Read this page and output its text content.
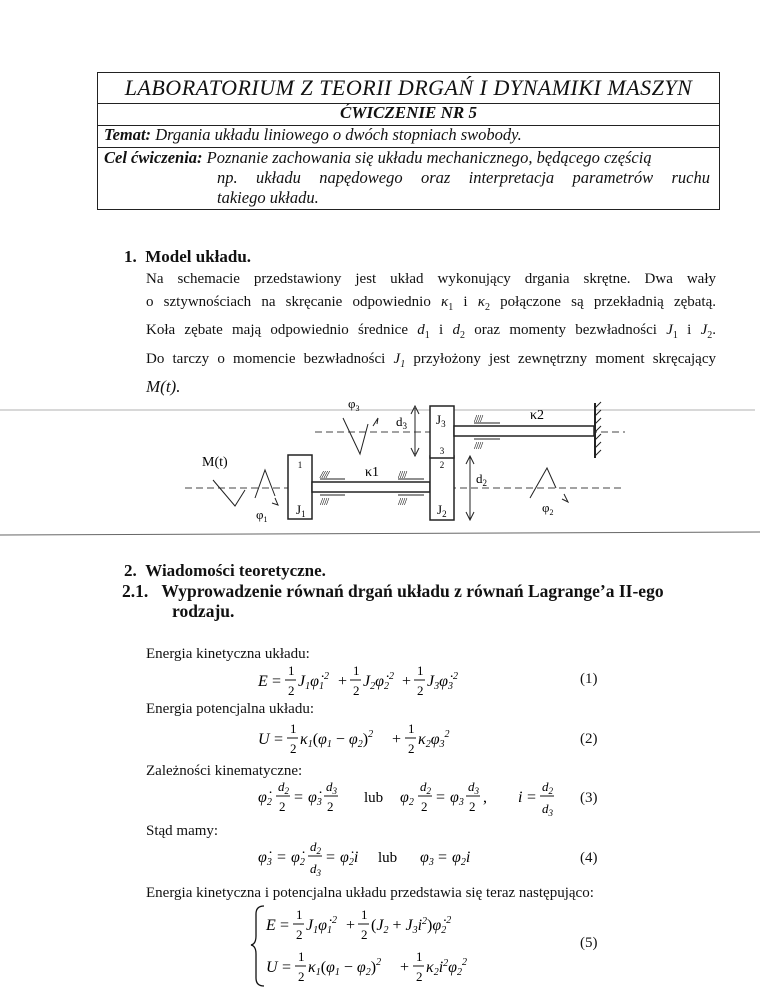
LABORATORIUM Z TEORII DRGAŃ I DYNAMIKI MASZYN
ĆWICZENIE NR 5
Temat: Drgania układu liniowego o dwóch stopniach swobody.
Cel ćwiczenia: Poznanie zachowania się układu mechanicznego, będącego częścią
np. układu napędowego oraz interpretacja parametrów ruchu
takiego układu.
1. Model układu.
Na schemacie przedstawiony jest układ wykonujący drgania skrętne. Dwa wały
o sztywnościach na skręcanie odpowiednio $\kappa_1$ i $\kappa_2$ połączone są przekładnią zębatą.
Koła zębate mają odpowiednio średnice $d_1$ i $d_2$ oraz momenty bezwładności $J_1$ i $J_2$.
Do tarczy o momencie bezwładności $J_1$ przyłożony jest zewnętrzny moment skręcający
M(t).
1
$J_1$
////	κ1 ////
////	////
2
$J_2$
$J_3$
3
////	κ2
////
$d_3$
$d_2$
$\varphi_3$
M(t)
$\varphi_1$
$\varphi_2$
2. Wiadomości teoretyczne.
2.1. Wyprowadzenie równań drgań układu z równań Lagrange’a II-ego
rodzaju.
Energia kinetyczna układu:
Energia potencjalna układu:
Zależności kinematyczne:
Stąd mamy:
Energia kinetyczna i potencjalna układu przedstawia się teraz następująco:
(1)
(2)
(3)
(4)
(5)
E =
1
2
$J1\varphi̇1^2$ +
1
2
$J2\varphi̇2^2$ +
1
2
$J3\varphi̇3^2$
U =
1
2
$\kappa 1(\varphi 1 - \varphi 2)^2$ +
1
2
$\kappa 2\varphi 3^2$
φ̇2
$d_2$
2
= φ̇3
$d_3$
2
lub φ2
$d_2$
2
= φ3
$d_3$
2
, i =
$d_2$
$d_3$
φ̇3 = φ̇2
$d_2$
$d_3$
= φ̇2i lub φ3 = φ2i
E =
1
2
$J1\varphi̇1^2$ +
1
2
$(J2 + J3i^2)\varphi̇2^2$
U =
1
2
$\kappa 1(\varphi 1 - \varphi 2)^2$ +
1
2
$\kappa 2i^2\varphi 2^2$
